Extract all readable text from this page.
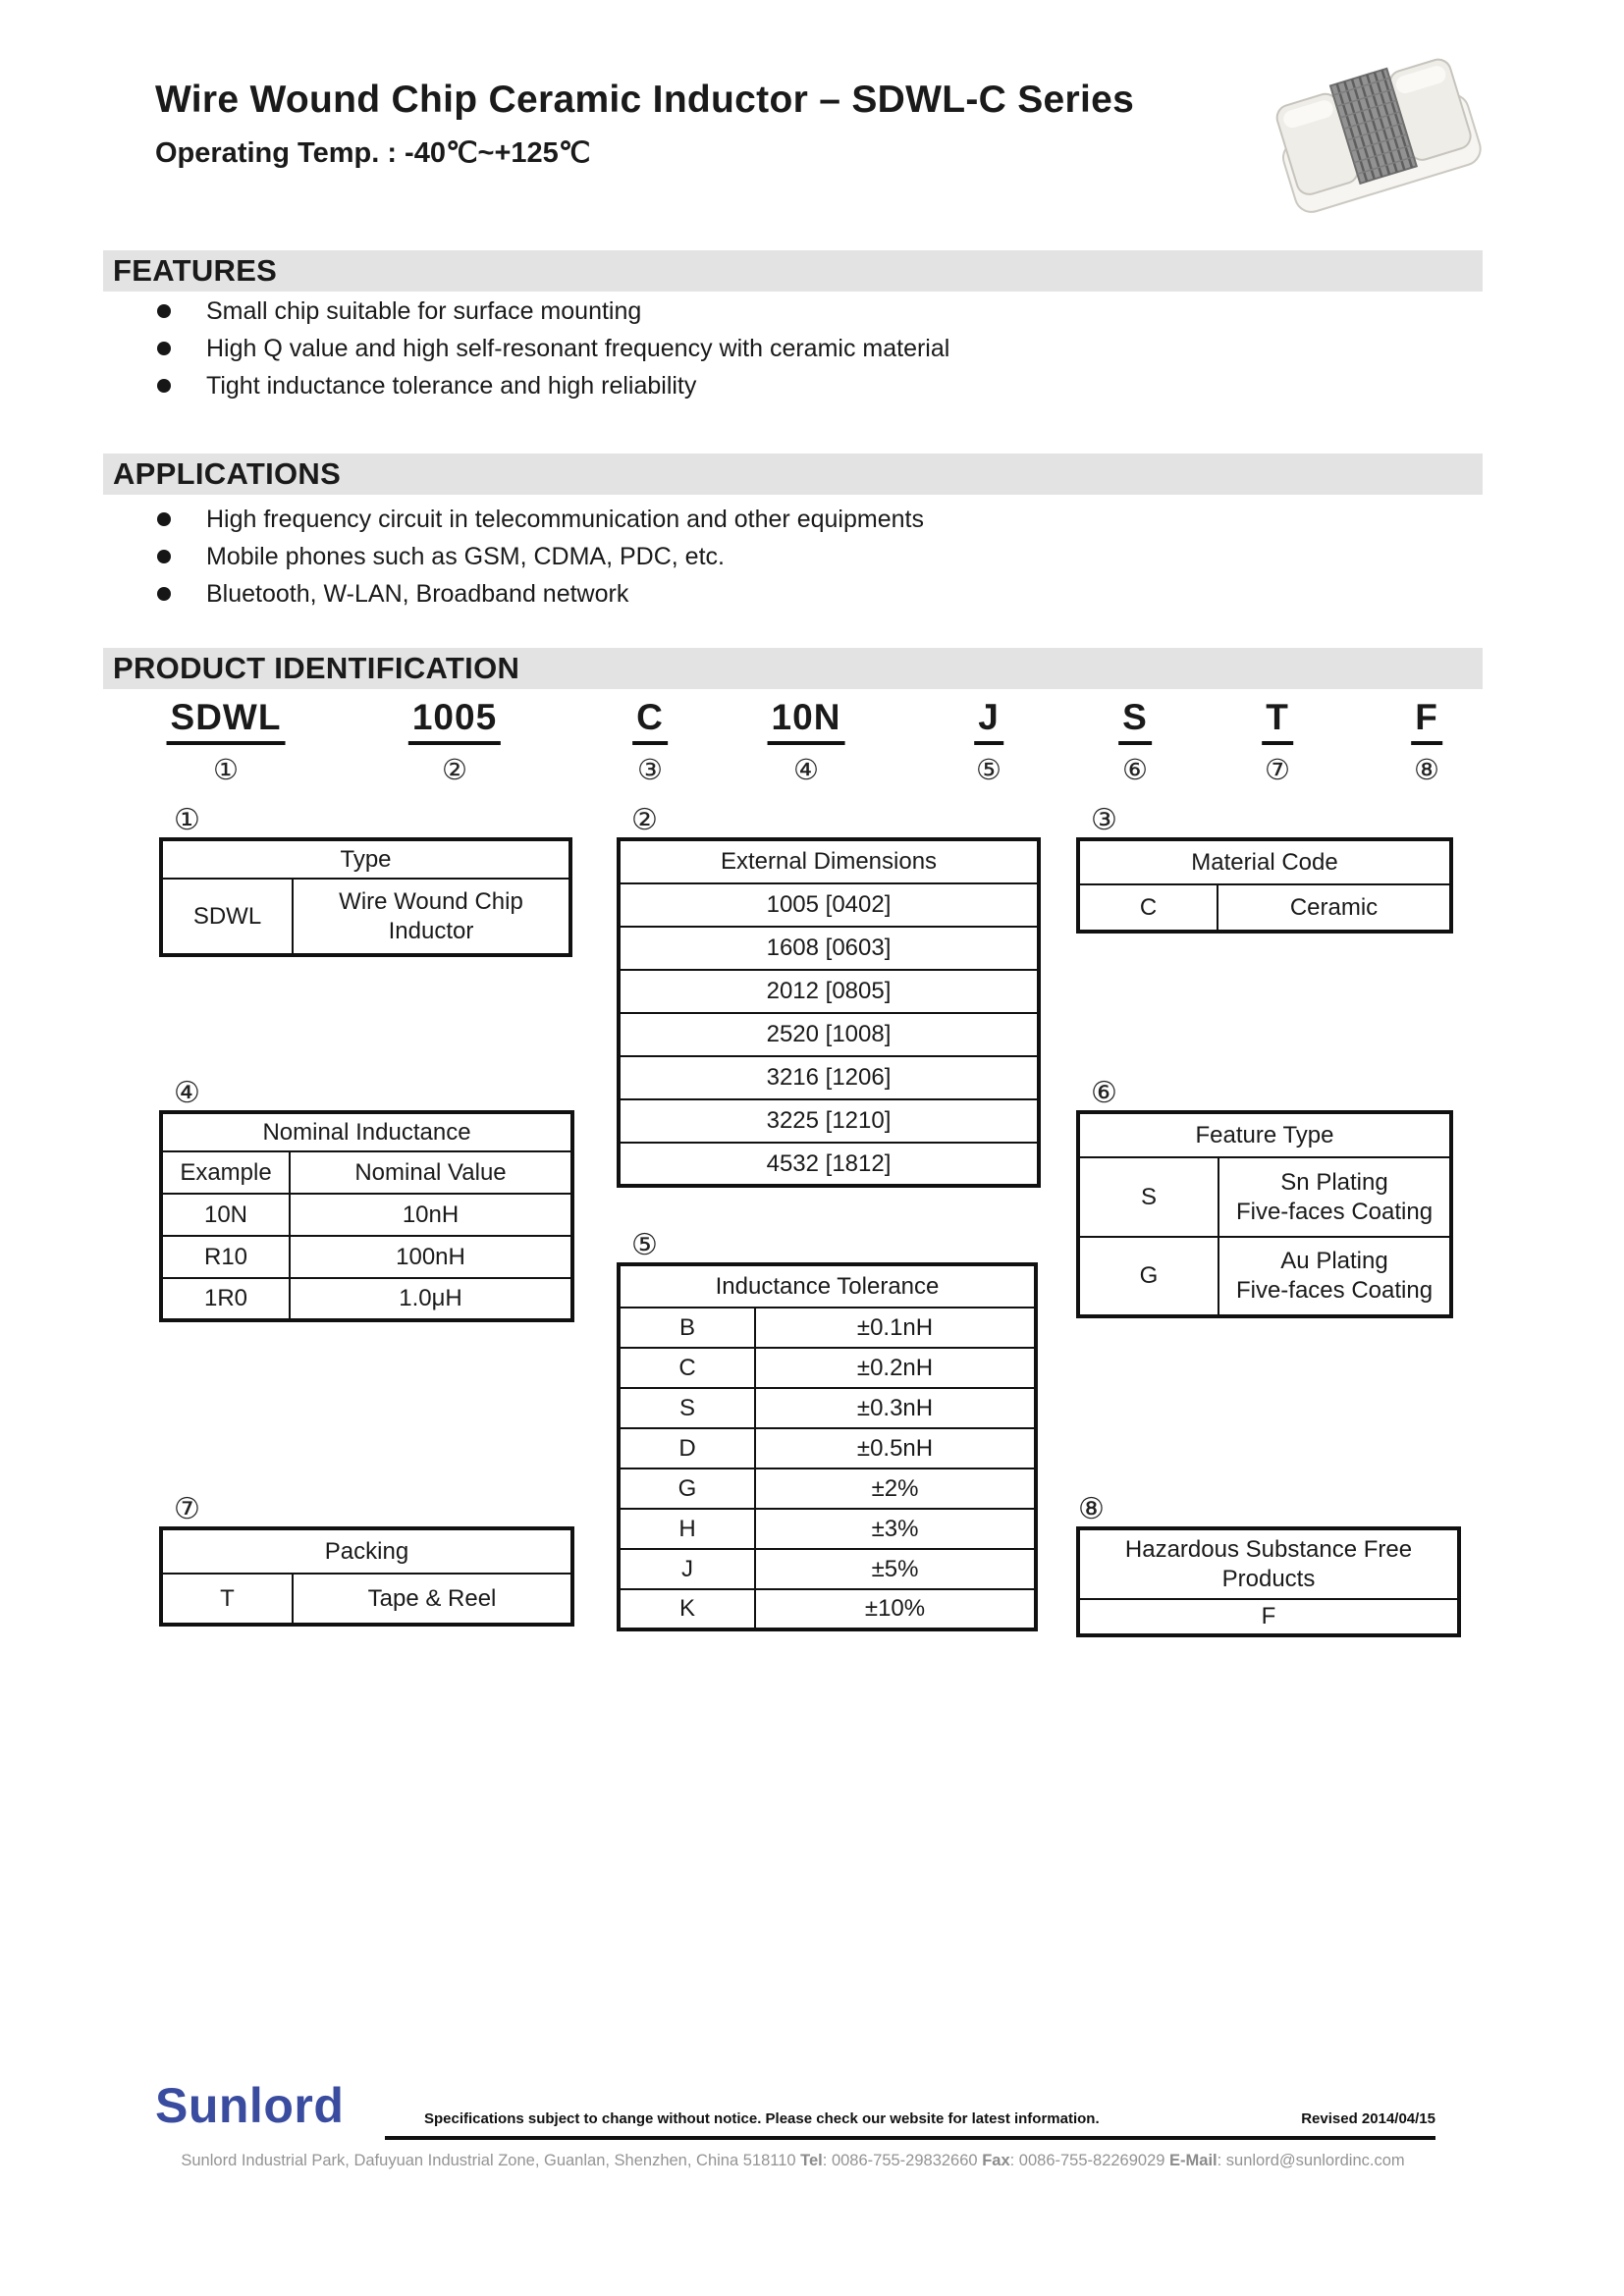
Wire Wound Chip Ceramic Inductor – SDWL-C Series
Operating Temp. : -40℃~+125℃
FEATURES
Small chip suitable for surface mounting
High Q value and high self-resonant frequency with ceramic material
Tight inductance tolerance and high reliability
APPLICATIONS
High frequency circuit in telecommunication and other equipments
Mobile phones such as GSM, CDMA, PDC, etc.
Bluetooth, W-LAN, Broadband network
PRODUCT IDENTIFICATION
SDWL
①
1005
②
C
③
10N
④
J
⑤
S
⑥
T
⑦
F
⑧
①
Type
SDWL	Wire Wound Chip Inductor
②
External Dimensions
1005 [0402]
1608 [0603]
2012 [0805]
2520 [1008]
3216 [1206]
3225 [1210]
4532 [1812]
③
Material Code
C	Ceramic
④
Nominal Inductance	
Example	Nominal Value
10N	10nH
R10	100nH
1R0	1.0μH
⑤
Inductance Tolerance	
B	±0.1nH
C	±0.2nH
S	±0.3nH
D	±0.5nH
G	±2%
H	±3%
J	±5%
K	±10%
⑥
Feature Type	
S	Sn Plating
Five-faces Coating
G	Au Plating
Five-faces Coating
⑦
Packing
T	Tape & Reel
⑧
Hazardous Substance Free Products
F
Sunlord	Specifications subject to change without notice. Please check our website for latest information.	Revised 2014/04/15
Sunlord Industrial Park, Dafuyuan Industrial Zone, Guanlan, Shenzhen, China 518110 Tel: 0086-755-29832660 Fax: 0086-755-82269029 E-Mail: sunlord@sunlordinc.com
